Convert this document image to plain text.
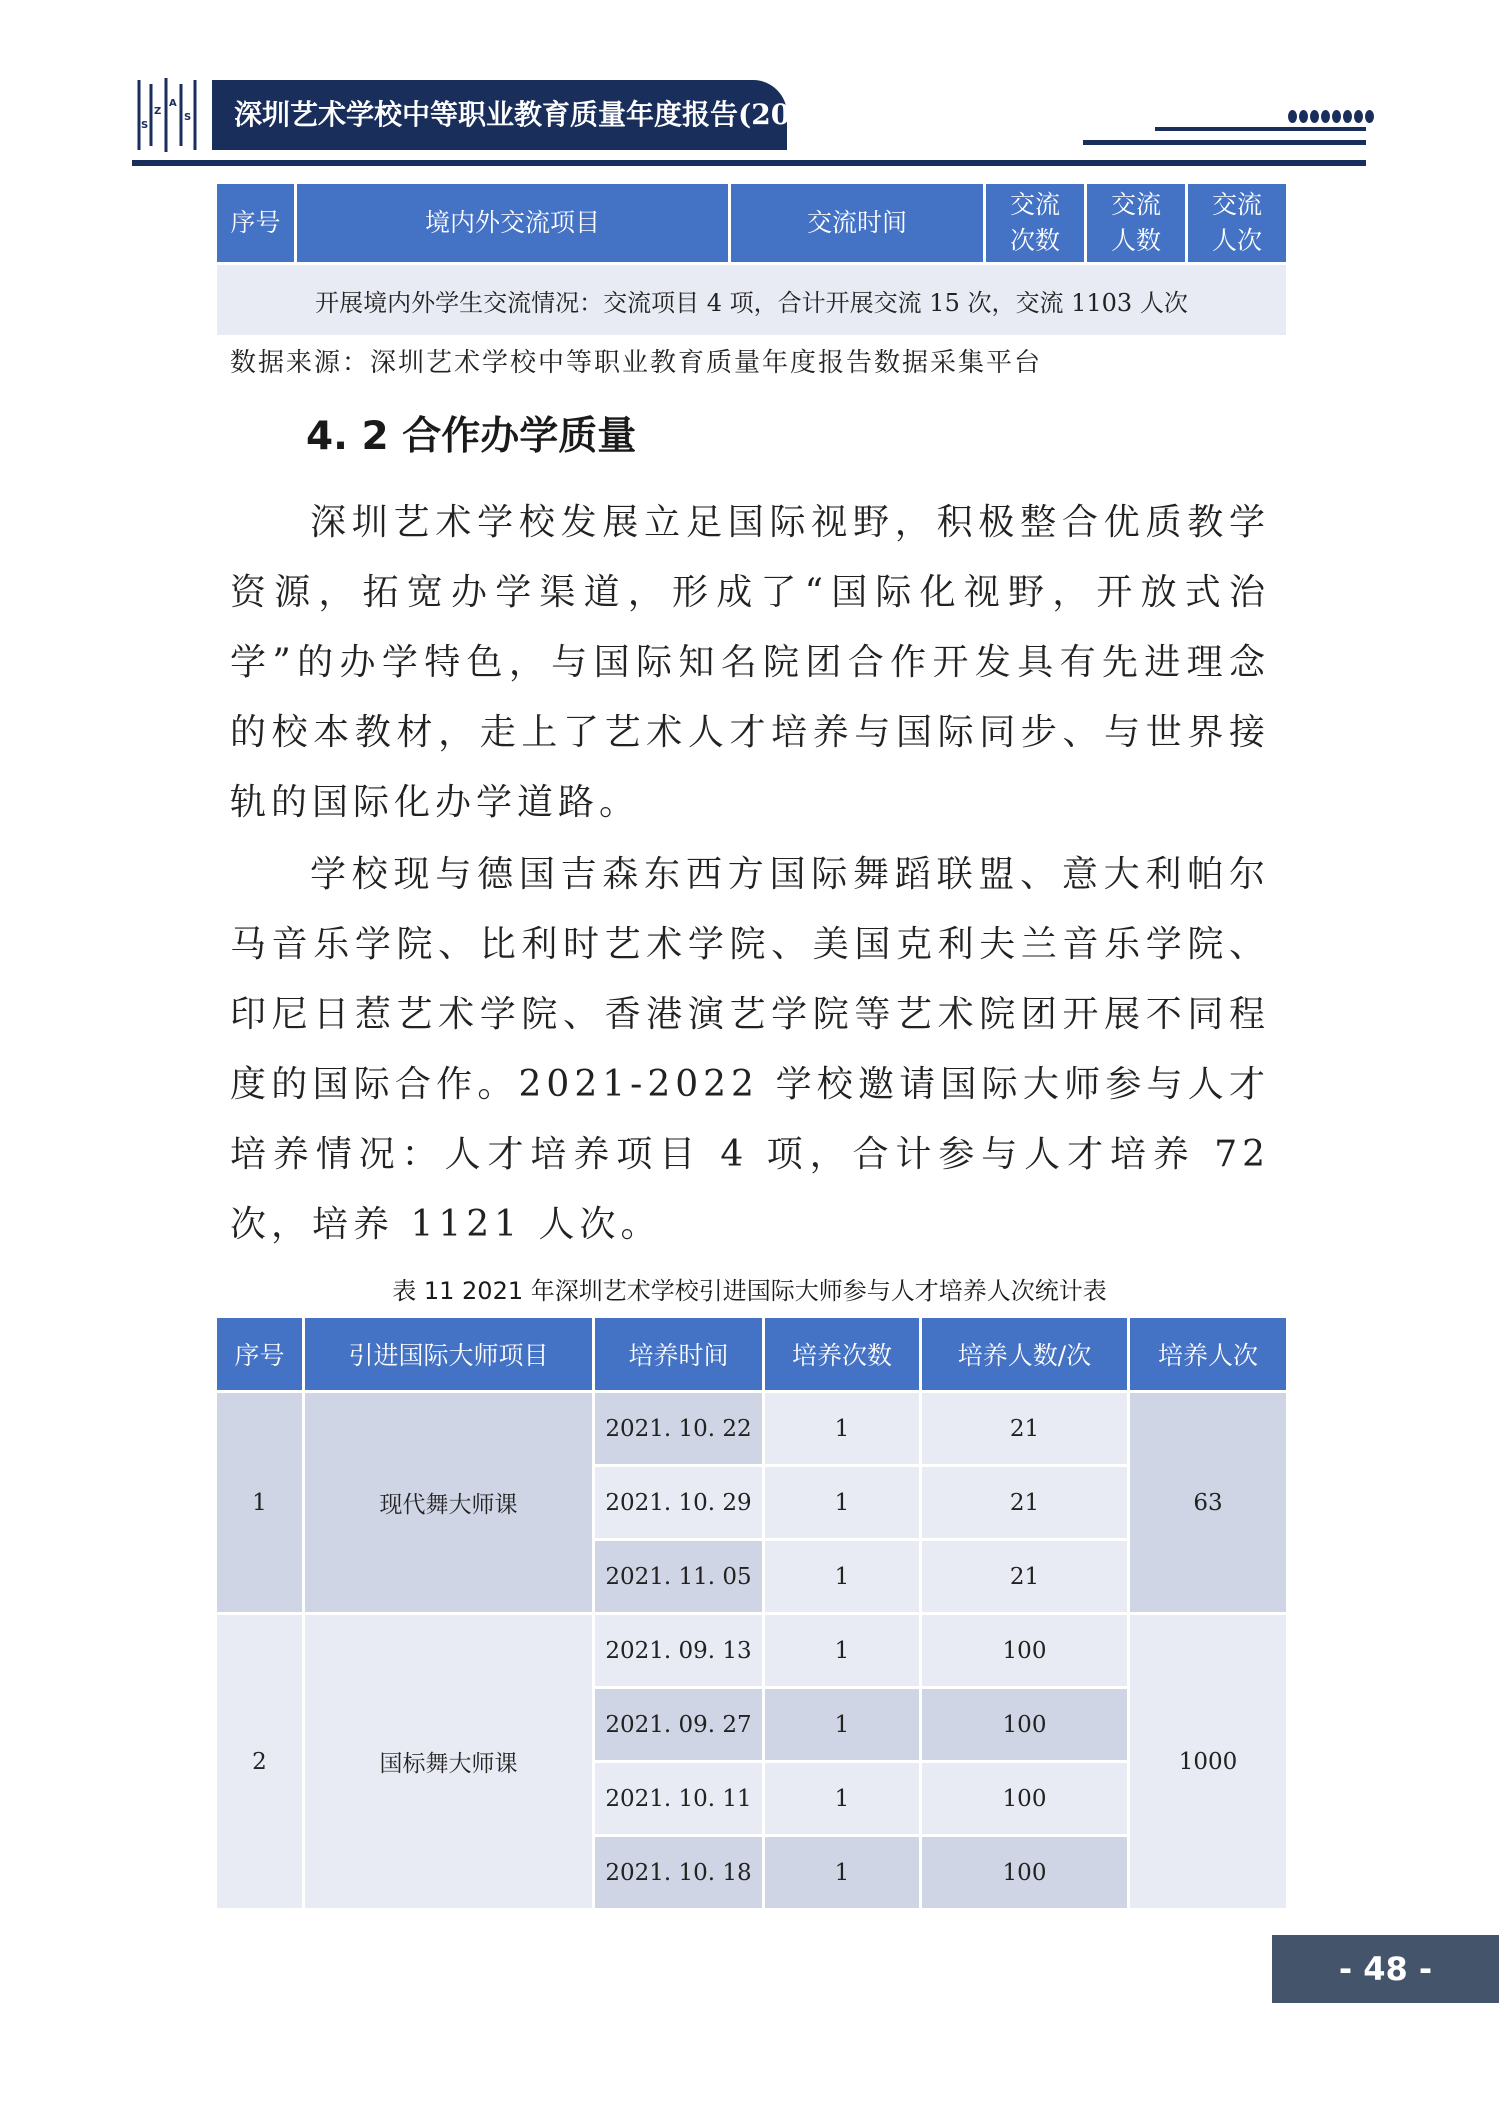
S
Z
A
S	深圳艺术学校中等职业教育质量年度报告(2023)
序号	境内外交流项目	交流时间	交流次数	交流人数	交流人次
开展境内外学生交流情况：交流项目 4 项，合计开展交流 15 次，交流 1103 人次
数据来源：深圳艺术学校中等职业教育质量年度报告数据采集平台
4. 2 合作办学质量

深圳艺术学校发展立足国际视野，积极整合优质教学资源，拓宽办学渠道，形成了“国际化视野，开放式治学”的办学特色，与国际知名院团合作开发具有先进理念的校本教材，走上了艺术人才培养与国际同步、与世界接轨的国际化办学道路。

学校现与德国吉森东西方国际舞蹈联盟、意大利帕尔马音乐学院、比利时艺术学院、美国克利夫兰音乐学院、印尼日惹艺术学院、香港演艺学院等艺术院团开展不同程度的国际合作。2021-2022 学校邀请国际大师参与人才培养情况：人才培养项目 4 项，合计参与人才培养 72 次，培养 1121 人次。

表 11 2021 年深圳艺术学校引进国际大师参与人才培养人次统计表
序号	引进国际大师项目	培养时间	培养次数	培养人数/次	培养人次
1	现代舞大师课	2021. 10. 22	1	21	63
		2021. 10. 29	1	21	
		2021. 11. 05	1	21	
2	国标舞大师课	2021. 09. 13	1	100	1000
		2021. 09. 27	1	100	
		2021. 10. 11	1	100	
		2021. 10. 18	1	100	
- 48 -
